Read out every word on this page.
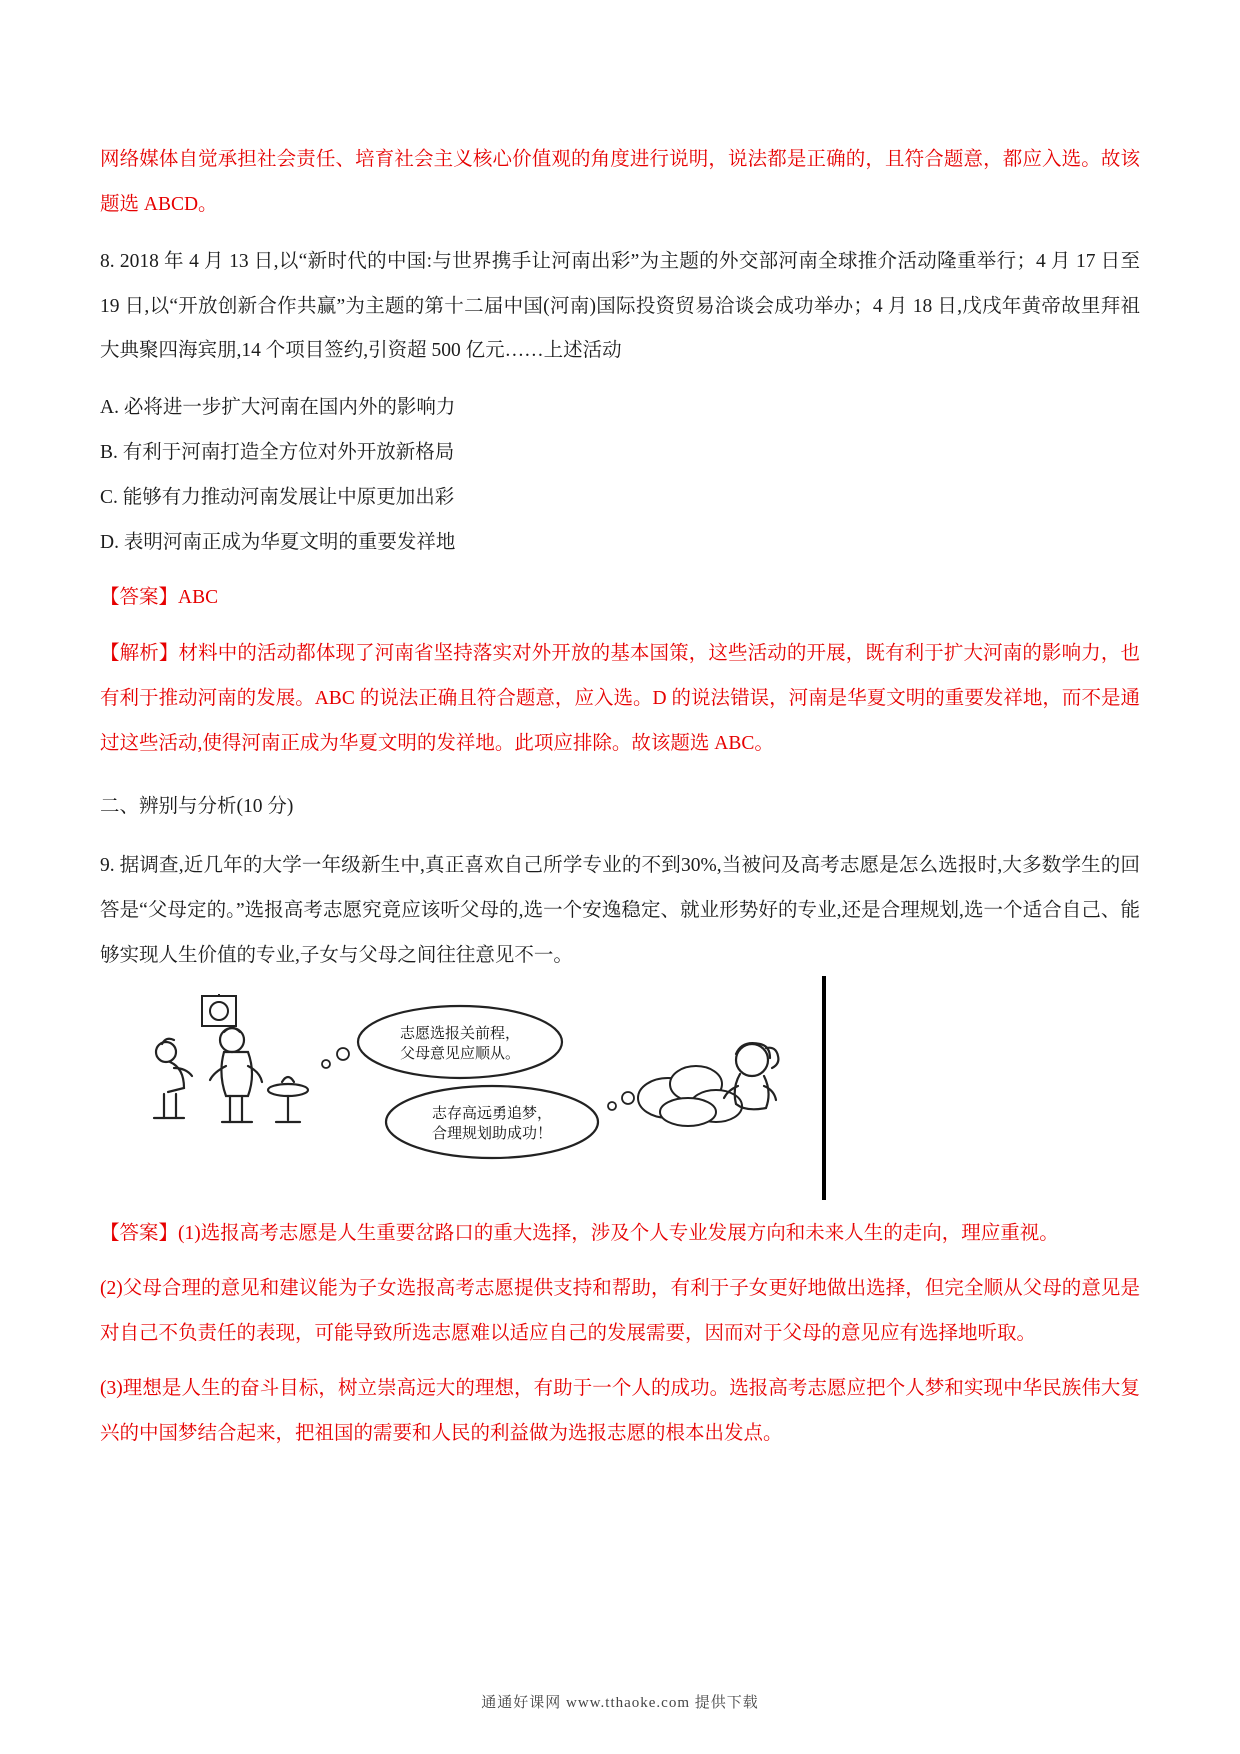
网络媒体自觉承担社会责任、培育社会主义核心价值观的角度进行说明，说法都是正确的，且符合题意，都应入选。故该题选 ABCD。

8. 2018 年 4 月 13 日,以“新时代的中国:与世界携手让河南出彩”为主题的外交部河南全球推介活动隆重举行；4 月 17 日至 19 日,以“开放创新合作共赢”为主题的第十二届中国(河南)国际投资贸易洽谈会成功举办；4 月 18 日,戊戌年黄帝故里拜祖大典聚四海宾朋,14 个项目签约,引资超 500 亿元……上述活动

A. 必将进一步扩大河南在国内外的影响力

B. 有利于河南打造全方位对外开放新格局

C. 能够有力推动河南发展让中原更加出彩

D. 表明河南正成为华夏文明的重要发祥地

【答案】ABC

【解析】材料中的活动都体现了河南省坚持落实对外开放的基本国策，这些活动的开展，既有利于扩大河南的影响力，也有利于推动河南的发展。ABC 的说法正确且符合题意，应入选。D 的说法错误，河南是华夏文明的重要发祥地，而不是通过这些活动,使得河南正成为华夏文明的发祥地。此项应排除。故该题选 ABC。

二、辨别与分析(10 分)

9. 据调查,近几年的大学一年级新生中,真正喜欢自己所学专业的不到30%,当被问及高考志愿是怎么选报时,大多数学生的回答是“父母定的。”选报高考志愿究竟应该听父母的,选一个安逸稳定、就业形势好的专业,还是合理规划,选一个适合自己、能够实现人生价值的专业,子女与父母之间往往意见不一。

志愿选报关前程，
父母意见应顺从。
志存高远勇追梦，
合理规划助成功！

【答案】(1)选报高考志愿是人生重要岔路口的重大选择，涉及个人专业发展方向和未来人生的走向，理应重视。

(2)父母合理的意见和建议能为子女选报高考志愿提供支持和帮助，有利于子女更好地做出选择，但完全顺从父母的意见是对自己不负责任的表现，可能导致所选志愿难以适应自己的发展需要，因而对于父母的意见应有选择地听取。

(3)理想是人生的奋斗目标，树立崇高远大的理想，有助于一个人的成功。选报高考志愿应把个人梦和实现中华民族伟大复兴的中国梦结合起来，把祖国的需要和人民的利益做为选报志愿的根本出发点。

通通好课网 www.tthaoke.com 提供下载
